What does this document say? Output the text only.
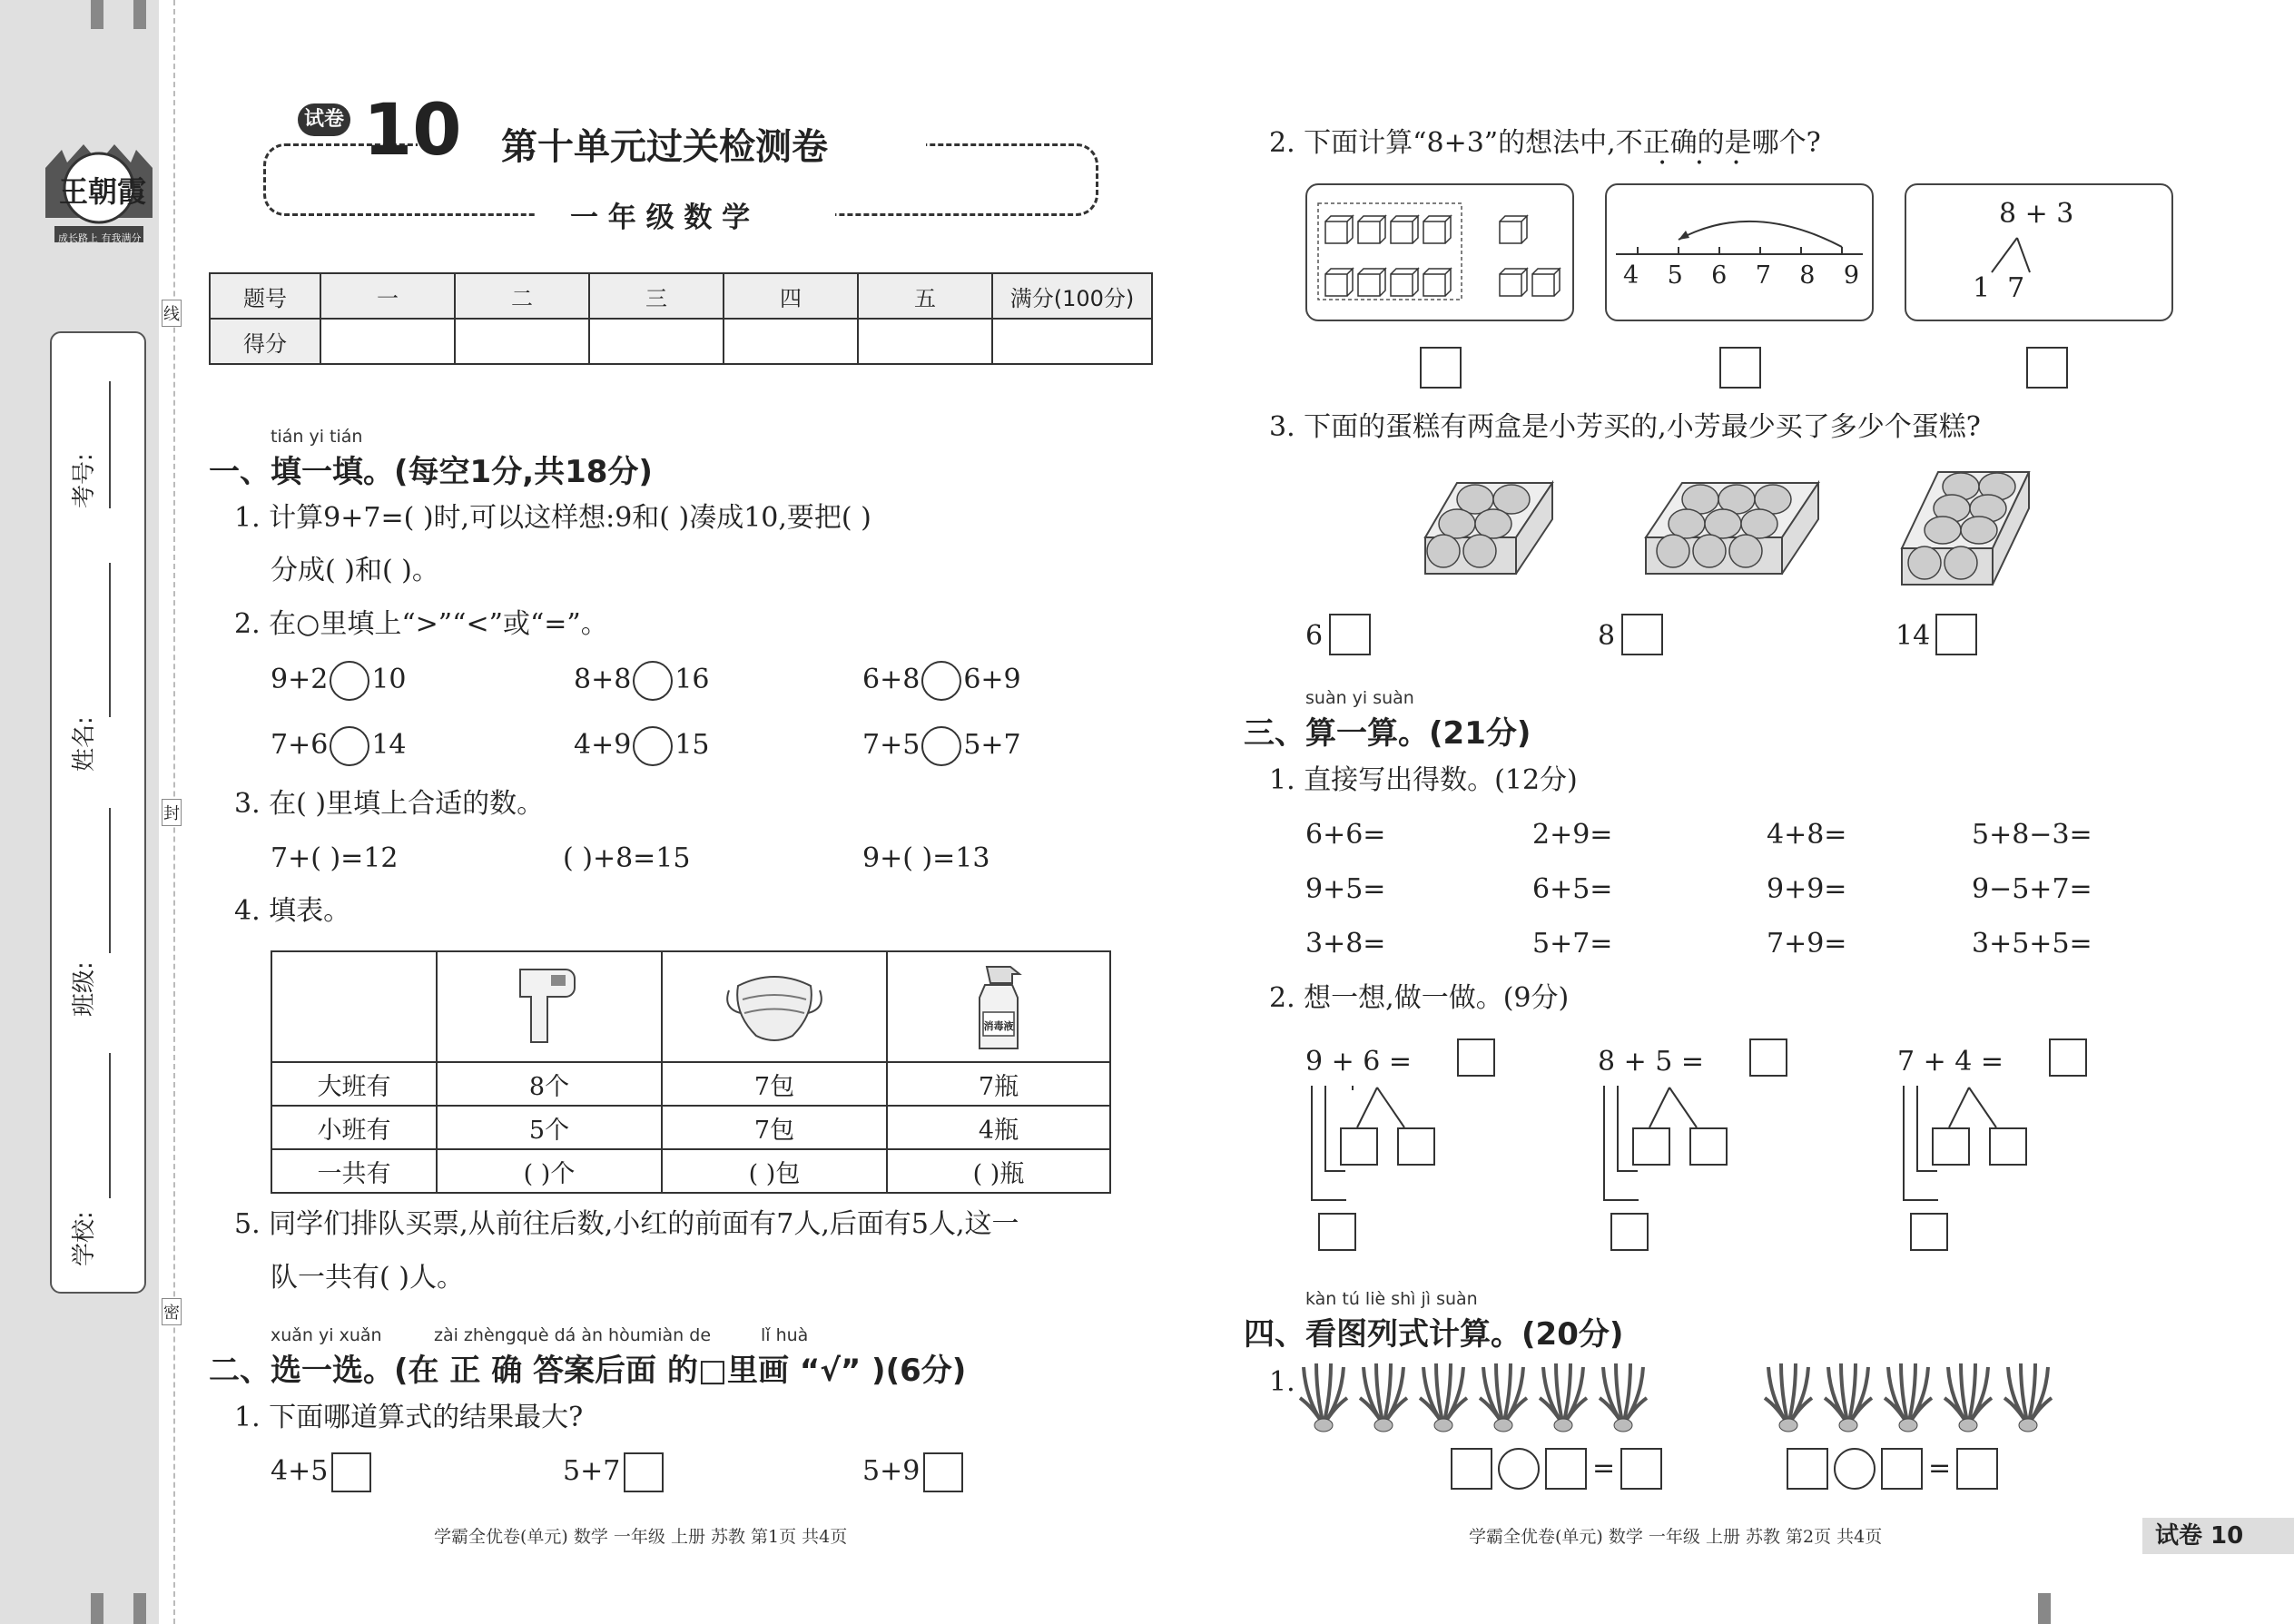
王朝霞
成长路上 有我满分
考号:
姓名:
班级:
学校:
线
封
密
试卷 10 第十单元过关检测卷
一 年 级 数 学
题号	一	二	三	四	五	满分(100分)
得分						
tián yi tián
一、填一填。(每空1分,共18分)
1. 计算9+7=( )时,可以这样想:9和( )凑成10,要把( )
分成( )和( )。
2. 在○里填上“>”“<”或“=”。
9+2 10	8+8 16	6+8 6+9
7+6 14	4+9 15	7+5 5+7
3. 在( )里填上合适的数。
7+( )=12	( )+8=15	9+( )=13
4. 填表。

消毒液

大班有	8个	7包	7瓶
小班有	5个	7包	4瓶
一共有	( )个	( )包	( )瓶
5. 同学们排队买票,从前往后数,小红的前面有7人,后面有5人,这一
队一共有( )人。
xuǎn yi xuǎn	zài zhèngquè dá àn hòumiàn de	lǐ huà
二、选一选。(在 正 确 答案后面 的□里画 “√” )(6分)
1. 下面哪道算式的结果最大?
4+5	5+7	5+9
学霸全优卷(单元) 数学 一年级 上册 苏教 第1页 共4页
2. 下面计算“8+3”的想法中,不正确的是哪个?
• • •
4 5 6 7 8 9
8 + 3
1  7
3. 下面的蛋糕有两盒是小芳买的,小芳最少买了多少个蛋糕?
6	8	14
suàn yi suàn
三、算一算。(21分)
1. 直接写出得数。(12分)
6+6=	2+9=	4+8=	5+8−3=
9+5=	6+5=	9+9=	9−5+7=
3+8=	5+7=	7+9=	3+5+5=
2. 想一想,做一做。(9分)
9 + 6 =	8 + 5 =	7 + 4 =
kàn tú liè shì jì suàn
四、看图列式计算。(20分)
1.
=	=
学霸全优卷(单元) 数学 一年级 上册 苏教 第2页 共4页	试卷 10
